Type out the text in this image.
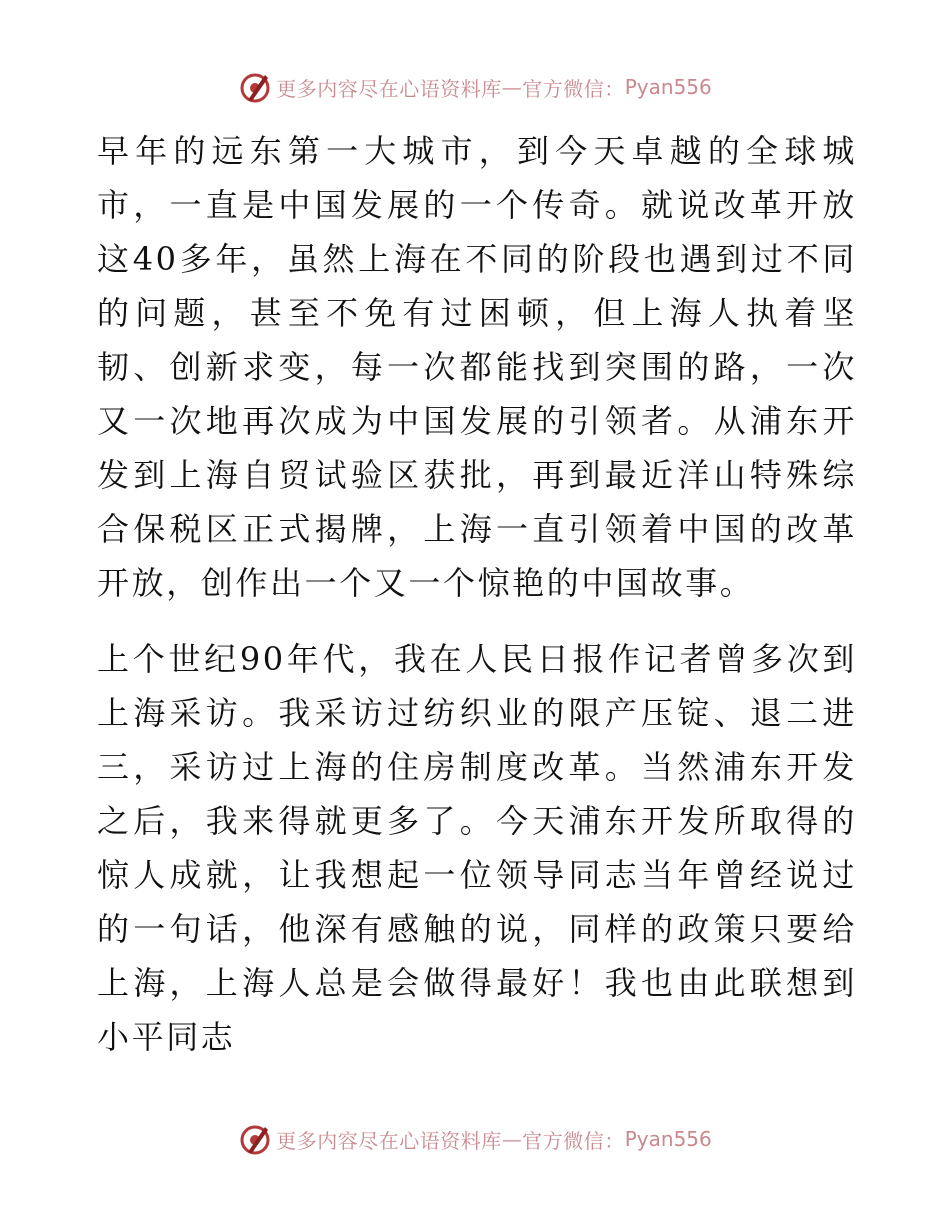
更多内容尽在心语资料库 — 官方微信： Pyan556

早年的远东第一大城市，到今天卓越的全球城市，一直是中国发展的一个传奇。就说改革开放这40多年，虽然上海在不同的阶段也遇到过不同的问题，甚至不免有过困顿，但上海人执着坚韧、创新求变，每一次都能找到突围的路，一次又一次地再次成为中国发展的引领者。从浦东开发到上海自贸试验区获批，再到最近洋山特殊综合保税区正式揭牌，上海一直引领着中国的改革开放，创作出一个又一个惊艳的中国故事。

上个世纪90年代，我在人民日报作记者曾多次到上海采访。我采访过纺织业的限产压锭、退二进三，采访过上海的住房制度改革。当然浦东开发之后，我来得就更多了。今天浦东开发所取得的惊人成就，让我想起一位领导同志当年曾经说过的一句话，他深有感触的说，同样的政策只要给上海，上海人总是会做得最好！我也由此联想到小平同志

更多内容尽在心语资料库 — 官方微信： Pyan556
